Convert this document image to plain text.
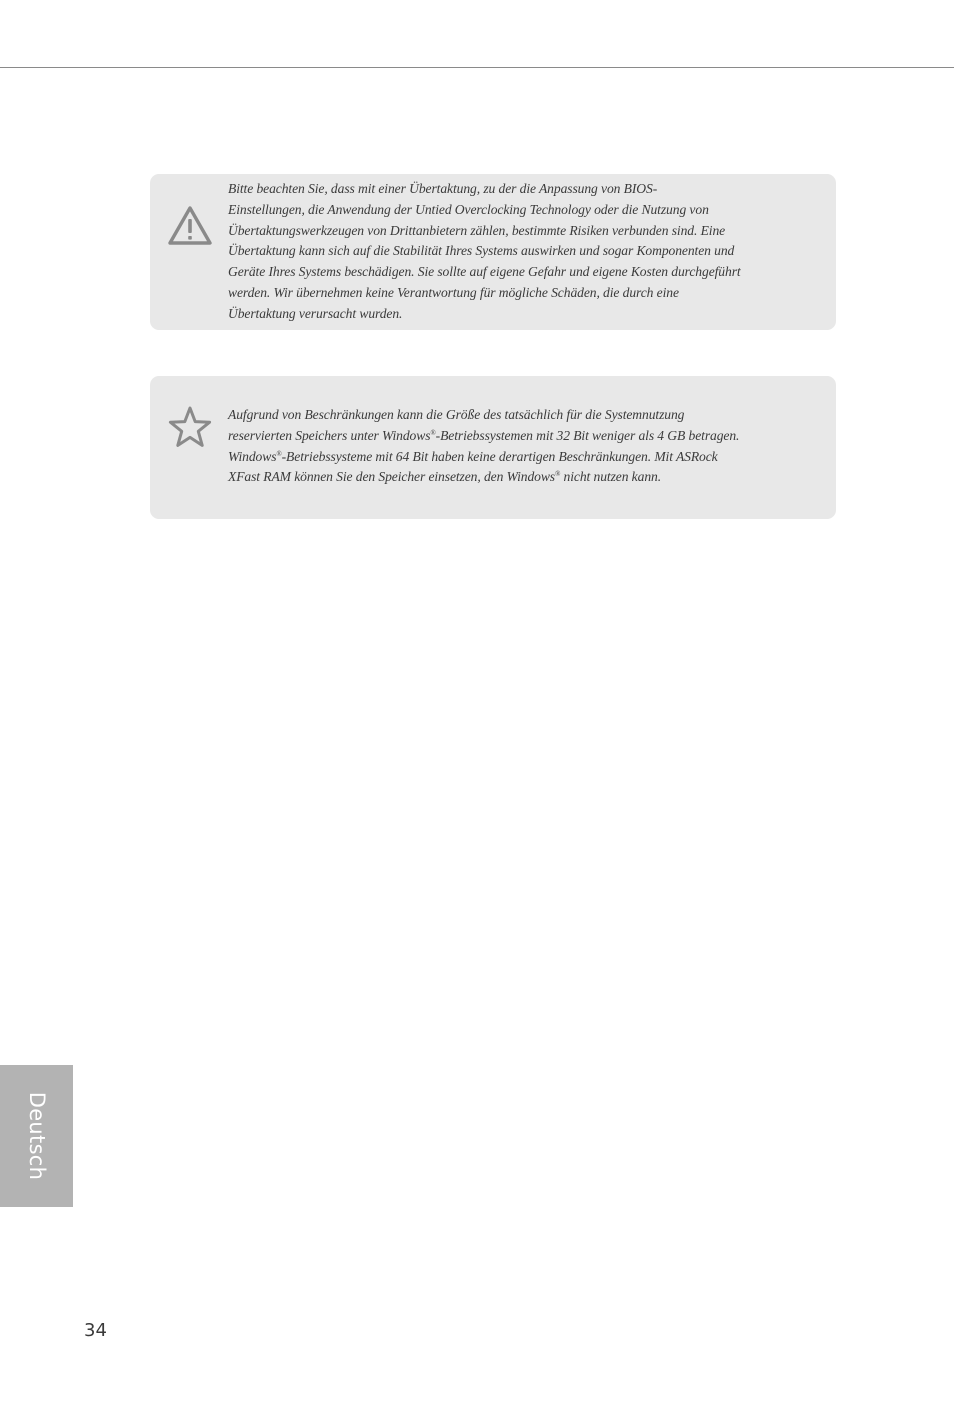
Bitte beachten Sie, dass mit einer Übertaktung, zu der die Anpassung von BIOS-
Einstellungen, die Anwendung der Untied Overclocking Technology oder die Nutzung von
Übertaktungswerkzeugen von Drittanbietern zählen, bestimmte Risiken verbunden sind. Eine
Übertaktung kann sich auf die Stabilität Ihres Systems auswirken und sogar Komponenten und
Geräte Ihres Systems beschädigen. Sie sollte auf eigene Gefahr und eigene Kosten durchgeführt
werden. Wir übernehmen keine Verantwortung für mögliche Schäden, die durch eine
Übertaktung verursacht wurden.

Aufgrund von Beschränkungen kann die Größe des tatsächlich für die Systemnutzung
reservierten Speichers unter Windows®-Betriebssystemen mit 32 Bit weniger als 4 GB betragen.
Windows®-Betriebssysteme mit 64 Bit haben keine derartigen Beschränkungen. Mit ASRock
XFast RAM können Sie den Speicher einsetzen, den Windows® nicht nutzen kann.

Deutsch
34
